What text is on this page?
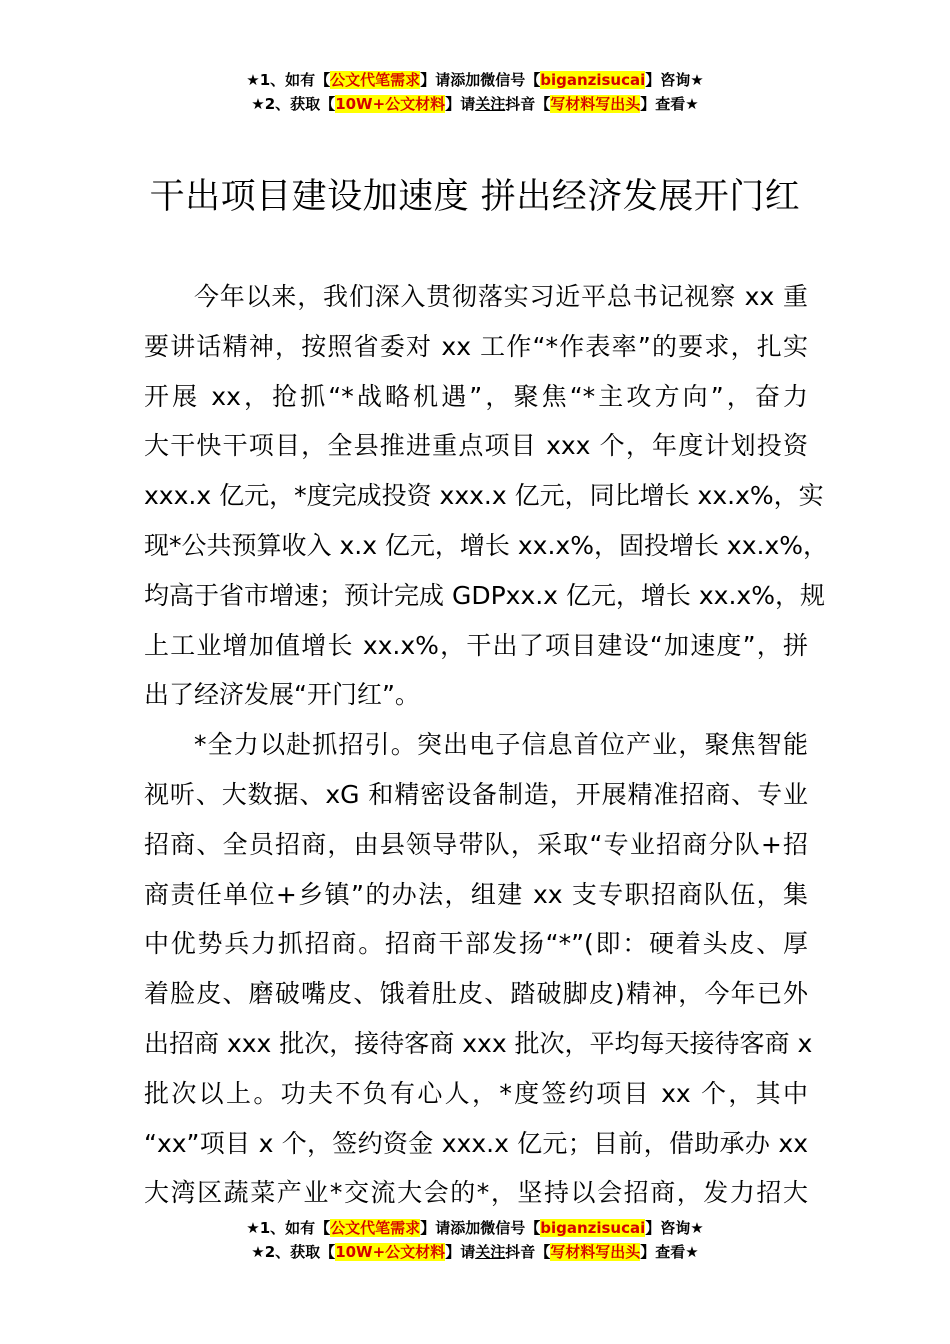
★1、如有【公文代笔需求】请添加微信号【biganzisucai】咨询★
★2、获取【10W+公文材料】请关注抖音【写材料写出头】查看★
干出项目建设加速度 拼出经济发展开门红
今年以来，我们深入贯彻落实习近平总书记视察 xx 重
要讲话精神，按照省委对 xx 工作“*作表率”的要求，扎实
开展 xx，抢抓“*战略机遇”，聚焦“*主攻方向”，奋力
大干快干项目，全县推进重点项目 xxx 个，年度计划投资
xxx.x 亿元，*度完成投资 xxx.x 亿元，同比增长 xx.x%，实
现*公共预算收入 x.x 亿元，增长 xx.x%，固投增长 xx.x%，
均高于省市增速；预计完成 GDPxx.x 亿元，增长 xx.x%，规
上工业增加值增长 xx.x%，干出了项目建设“加速度”，拼
出了经济发展“开门红”。
*全力以赴抓招引。突出电子信息首位产业，聚焦智能
视听、大数据、xG 和精密设备制造，开展精准招商、专业
招商、全员招商，由县领导带队，采取“专业招商分队+招
商责任单位+乡镇”的办法，组建 xx 支专职招商队伍，集
中优势兵力抓招商。招商干部发扬“*”(即：硬着头皮、厚
着脸皮、磨破嘴皮、饿着肚皮、踏破脚皮)精神，今年已外
出招商 xxx 批次，接待客商 xxx 批次，平均每天接待客商 x
批次以上。功夫不负有心人，*度签约项目 xx 个，其中
“xx”项目 x 个，签约资金 xxx.x 亿元；目前，借助承办 xx
大湾区蔬菜产业*交流大会的*，坚持以会招商，发力招大
★1、如有【公文代笔需求】请添加微信号【biganzisucai】咨询★
★2、获取【10W+公文材料】请关注抖音【写材料写出头】查看★
